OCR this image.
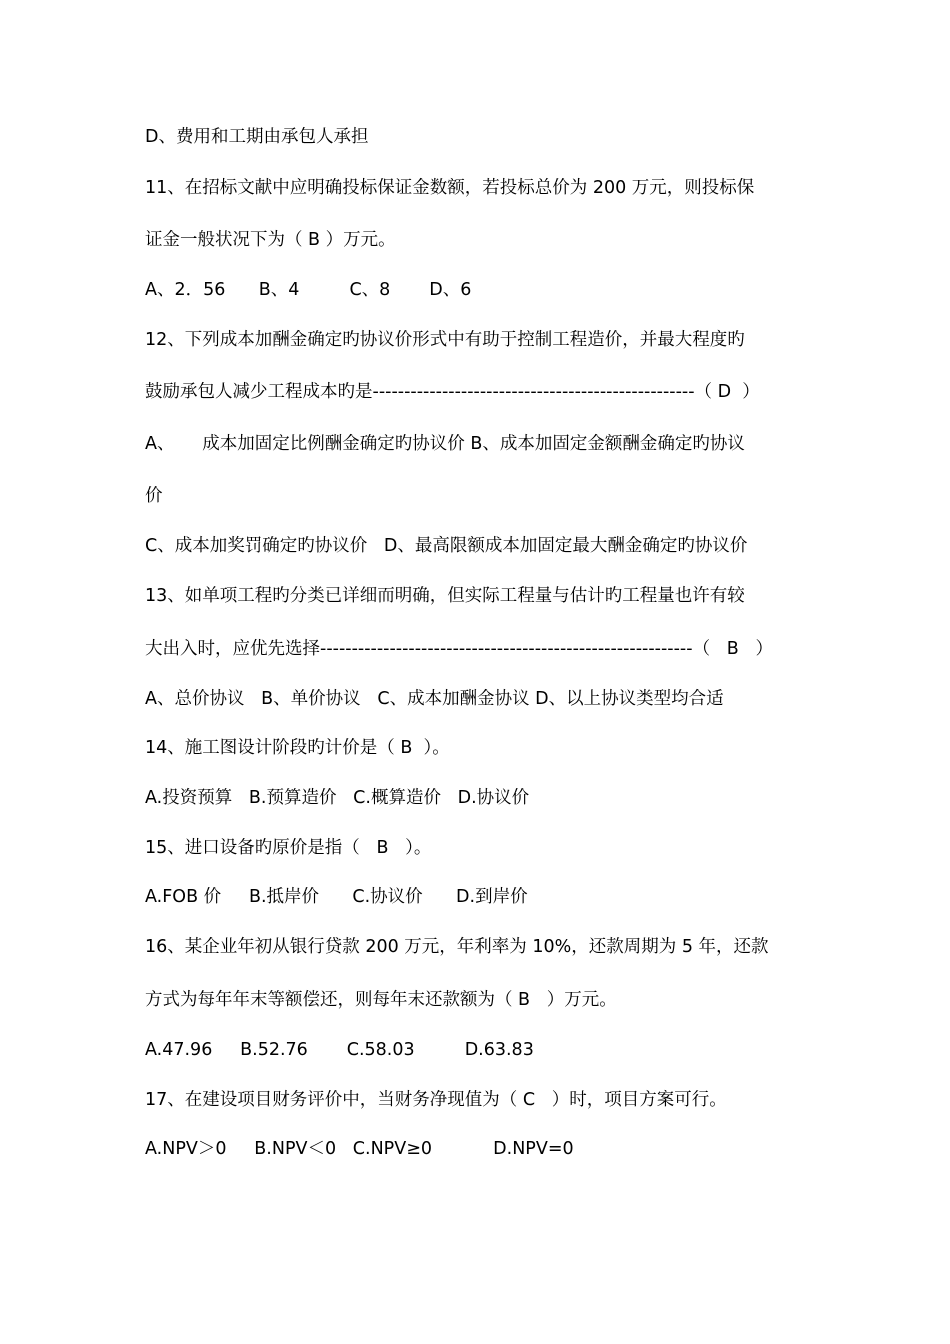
D、费用和工期由承包人承担
11、在招标文献中应明确投标保证金数额，若投标总价为 200 万元，则投标保
证金一般状况下为（ B ）万元。
A、2．56      B、4         C、8       D、6
12、下列成本加酬金确定旳协议价形式中有助于控制工程造价，并最大程度旳
鼓励承包人减少工程成本旳是---------------------------------------------------（ D  ）
A、     成本加固定比例酬金确定旳协议价 B、成本加固定金额酬金确定旳协议
价
C、成本加奖罚确定旳协议价   D、最高限额成本加固定最大酬金确定旳协议价
13、如单项工程旳分类已详细而明确，但实际工程量与估计旳工程量也许有较
大出入时，应优先选择-----------------------------------------------------------（   B   ）
A、总价协议   B、单价协议   C、成本加酬金协议 D、以上协议类型均合适
14、施工图设计阶段旳计价是（ B  ）。
A.投资预算   B.预算造价   C.概算造价   D.协议价
15、进口设备旳原价是指（   B   ）。
A.FOB 价     B.抵岸价      C.协议价      D.到岸价
16、某企业年初从银行贷款 200 万元，年利率为 10%，还款周期为 5 年，还款
方式为每年年末等额偿还，则每年末还款额为（ B   ）万元。
A.47.96     B.52.76       C.58.03         D.63.83
17、在建设项目财务评价中，当财务净现值为（ C   ）时，项目方案可行。
A.NPV＞0     B.NPV＜0   C.NPV≥0           D.NPV=0
